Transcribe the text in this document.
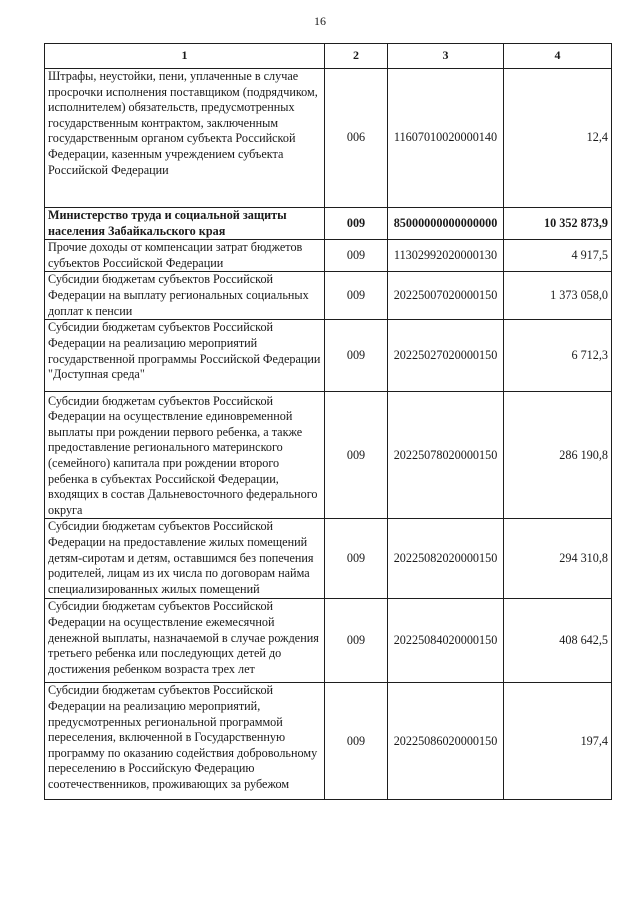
16
1	2	3	4
Штрафы, неустойки, пени, уплаченные в случае просрочки исполнения поставщиком (подрядчиком, исполнителем) обязательств, предусмотренных государственным контрактом, заключенным государственным органом субъекта Российской Федерации, казенным учреждением субъекта Российской Федерации	006	11607010020000140	12,4
Министерство труда и социальной защиты населения Забайкальского края	009	85000000000000000	10 352 873,9
Прочие доходы от компенсации затрат бюджетов субъектов Российской Федерации	009	11302992020000130	4 917,5
Субсидии бюджетам субъектов Российской Федерации на выплату региональных социальных доплат к пенсии	009	20225007020000150	1 373 058,0
Субсидии бюджетам субъектов Российской Федерации на реализацию мероприятий государственной программы Российской Федерации "Доступная среда"	009	20225027020000150	6 712,3
Субсидии бюджетам субъектов Российской Федерации на осуществление единовременной выплаты при рождении первого ребенка, а также предоставление регионального материнского (семейного) капитала при рождении второго ребенка в субъектах Российской Федерации, входящих в состав Дальневосточного федерального округа	009	20225078020000150	286 190,8
Субсидии бюджетам субъектов Российской Федерации на предоставление жилых помещений детям-сиротам и детям, оставшимся без попечения родителей, лицам из их числа по договорам найма специализированных жилых помещений	009	20225082020000150	294 310,8
Субсидии бюджетам субъектов Российской Федерации на осуществление ежемесячной денежной выплаты, назначаемой в случае рождения третьего ребенка или последующих детей до достижения ребенком возраста трех лет	009	20225084020000150	408 642,5
Субсидии бюджетам субъектов Российской Федерации на реализацию мероприятий, предусмотренных региональной программой переселения, включенной в Государственную программу по оказанию содействия добровольному переселению в Российскую Федерацию соотечественников, проживающих за рубежом	009	20225086020000150	197,4
